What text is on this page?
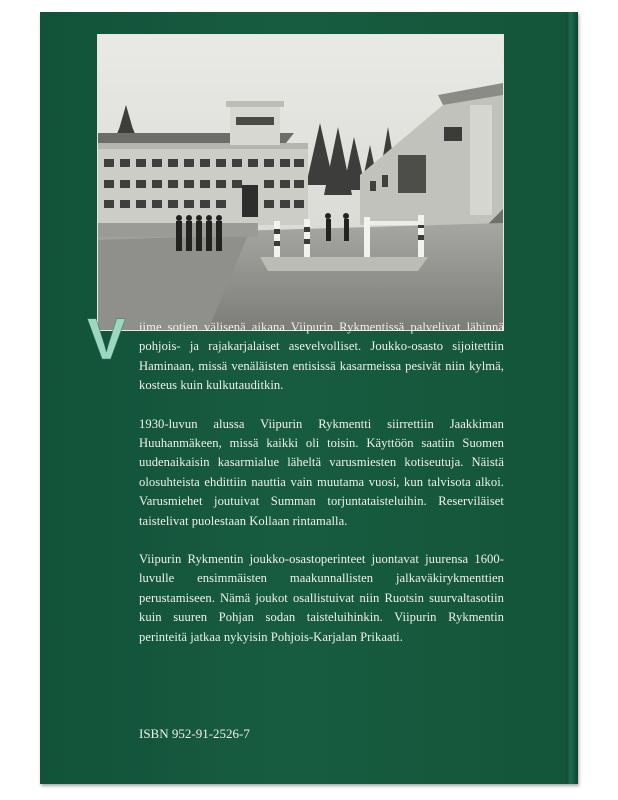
V iime sotien välisenä aikana Viipurin Rykmentissä palvelivat lähinnä pohjois- ja rajakarjalaiset asevelvolliset. Joukko-osasto sijoitettiin Haminaan, missä venäläisten entisissä kasarmeissa pesivät niin kylmä, kosteus kuin kulkutauditkin.

1930-luvun alussa Viipurin Rykmentti siirrettiin Jaakkiman Huuhanmäkeen, missä kaikki oli toisin. Käyttöön saatiin Suomen uudenaikaisin kasarmialue läheltä varusmiesten kotiseutuja. Näistä olosuhteista ehdittiin nauttia vain muutama vuosi, kun talvisota alkoi. Varusmiehet joutuivat Summan torjuntataisteluihin. Reserviläiset taistelivat puolestaan Kollaan rintamalla.

Viipurin Rykmentin joukko-osastoperinteet juontavat juurensa 1600-luvulle ensimmäisten maakunnallisten jalkaväkirykmenttien perustamiseen. Nämä joukot osallistuivat niin Ruotsin suurvaltasotiin kuin suuren Pohjan sodan taisteluihinkin. Viipurin Rykmentin perinteitä jatkaa nykyisin Pohjois-Karjalan Prikaati.

ISBN 952-91-2526-7
